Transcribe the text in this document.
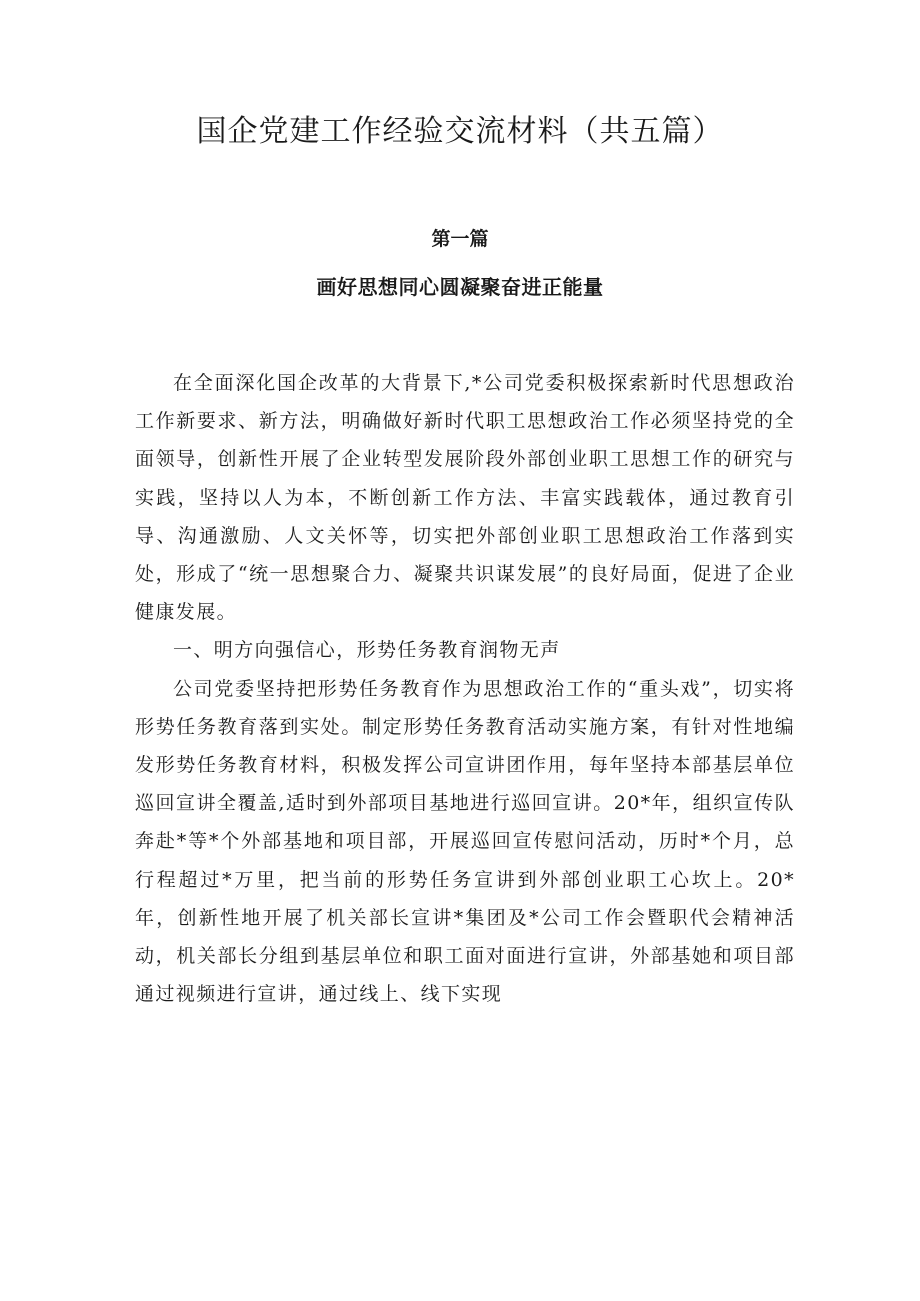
国企党建工作经验交流材料（共五篇）
第一篇
画好思想同心圆凝聚奋进正能量

在全面深化国企改革的大背景下,*公司党委积极探索新时代思想政治工作新要求、新方法，明确做好新时代职工思想政治工作必须坚持党的全面领导，创新性开展了企业转型发展阶段外部创业职工思想工作的研究与实践，坚持以人为本，不断创新工作方法、丰富实践载体，通过教育引导、沟通激励、人文关怀等，切实把外部创业职工思想政治工作落到实处，形成了“统一思想聚合力、凝聚共识谋发展”的良好局面，促进了企业健康发展。

一、明方向强信心，形势任务教育润物无声

公司党委坚持把形势任务教育作为思想政治工作的“重头戏”，切实将形势任务教育落到实处。制定形势任务教育活动实施方案，有针对性地编发形势任务教育材料，积极发挥公司宣讲团作用，每年坚持本部基层单位巡回宣讲全覆盖,适时到外部项目基地进行巡回宣讲。20*年，组织宣传队奔赴*等*个外部基地和项目部，开展巡回宣传慰问活动，历时*个月，总行程超过*万里，把当前的形势任务宣讲到外部创业职工心坎上。20*年，创新性地开展了机关部长宣讲*集团及*公司工作会暨职代会精神活动，机关部长分组到基层单位和职工面对面进行宣讲，外部基她和项目部通过视频进行宣讲，通过线上、线下实现
